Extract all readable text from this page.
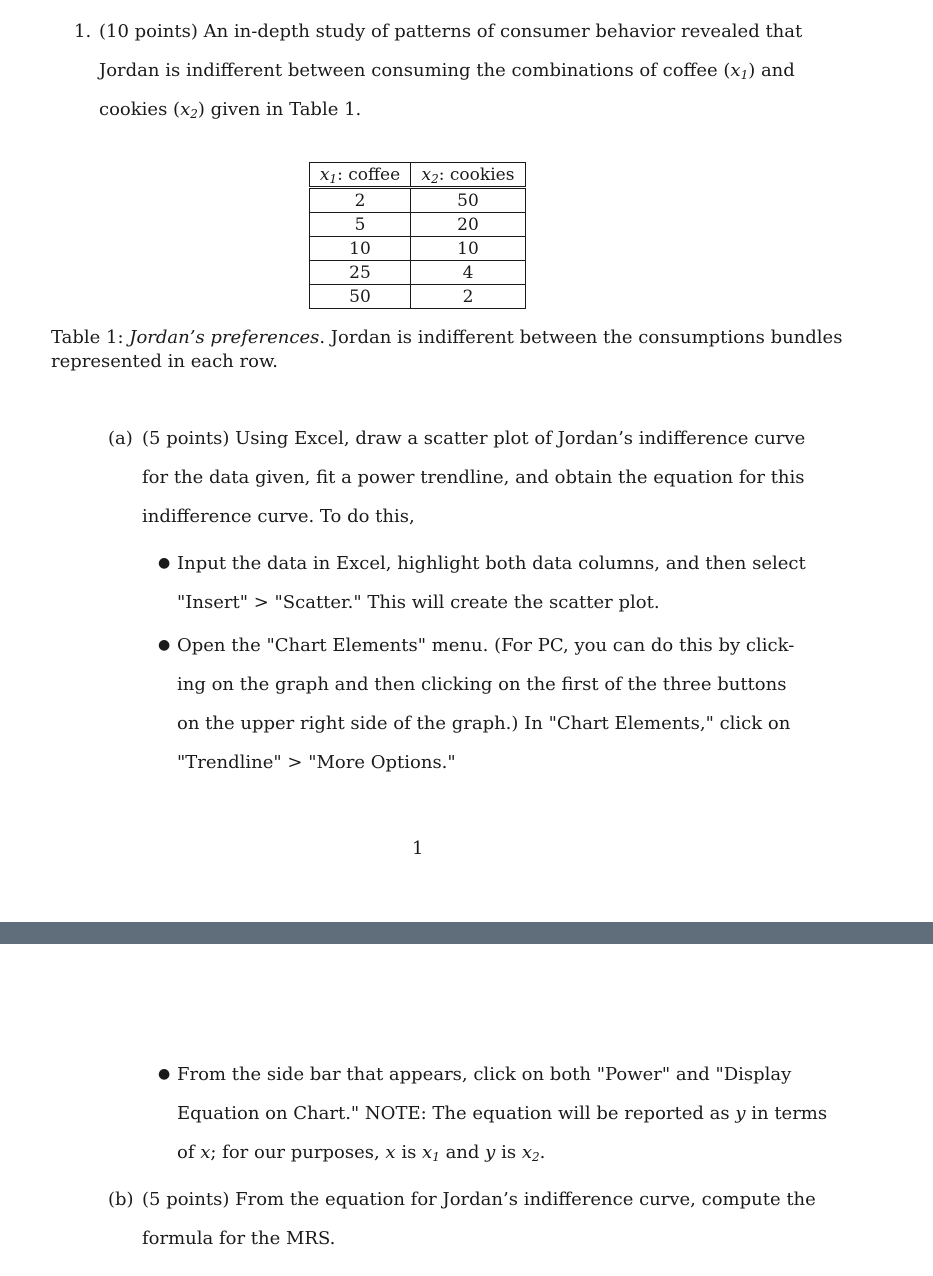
1. (10 points) An in-depth study of patterns of consumer behavior revealed that
Jordan is indifferent between consuming the combinations of coffee $(x_1)$ and
cookies $(x_2)$ given in Table 1.
$x_1$: coffee	$x_2$: cookies
2	50
5	20
10	10
25	4
50	2
Table 1: Jordan’s preferences. Jordan is indifferent between the consumptions bundles
represented in each row.
(a) (5 points) Using Excel, draw a scatter plot of Jordan’s indifference curve
for the data given, fit a power trendline, and obtain the equation for this
indifference curve. To do this,
● Input the data in Excel, highlight both data columns, and then select
"Insert" > "Scatter." This will create the scatter plot.
● Open the "Chart Elements" menu. (For PC, you can do this by click-
ing on the graph and then clicking on the first of the three buttons
on the upper right side of the graph.) In "Chart Elements," click on
"Trendline" > "More Options."
1
● From the side bar that appears, click on both "Power" and "Display
Equation on Chart." NOTE: The equation will be reported as y in terms
of x; for our purposes, x is $x_1$ and y is $x_2$.
(b) (5 points) From the equation for Jordan’s indifference curve, compute the
formula for the MRS.
